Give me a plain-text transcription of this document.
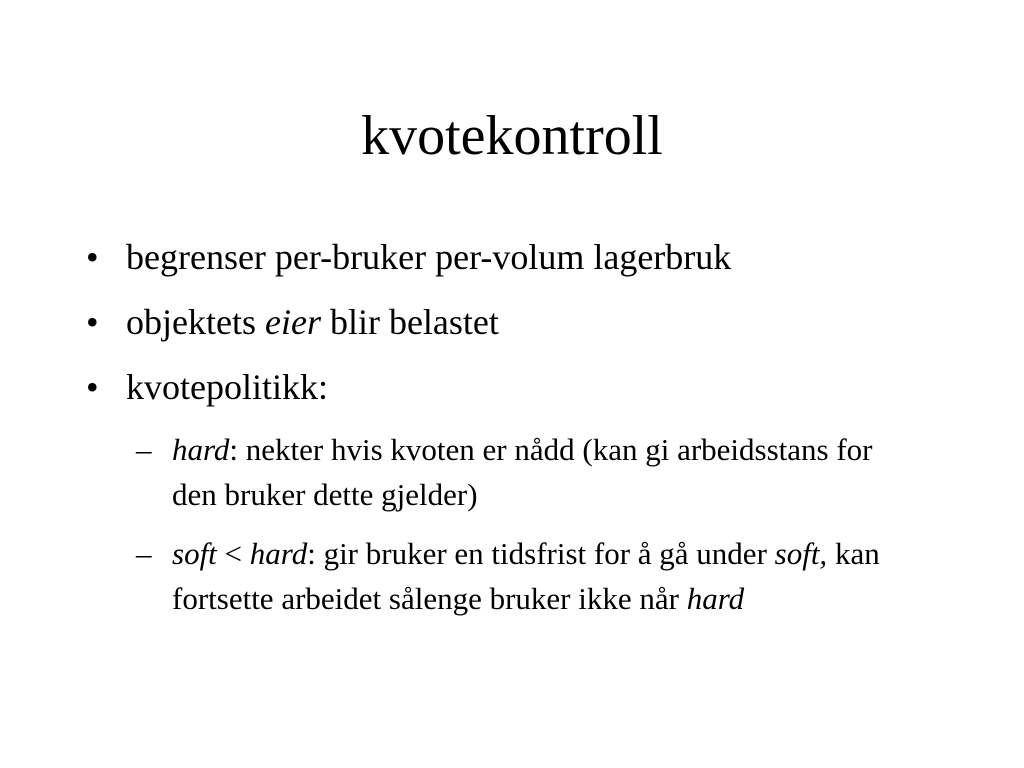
kvotekontroll
• begrenser per-bruker per-volum lagerbruk
• objektets eier blir belastet
• kvotepolitikk:
– hard: nekter hvis kvoten er nådd (kan gi arbeidsstans for den bruker dette gjelder)
– soft < hard: gir bruker en tidsfrist for å gå under soft, kan fortsette arbeidet sålenge bruker ikke når hard
